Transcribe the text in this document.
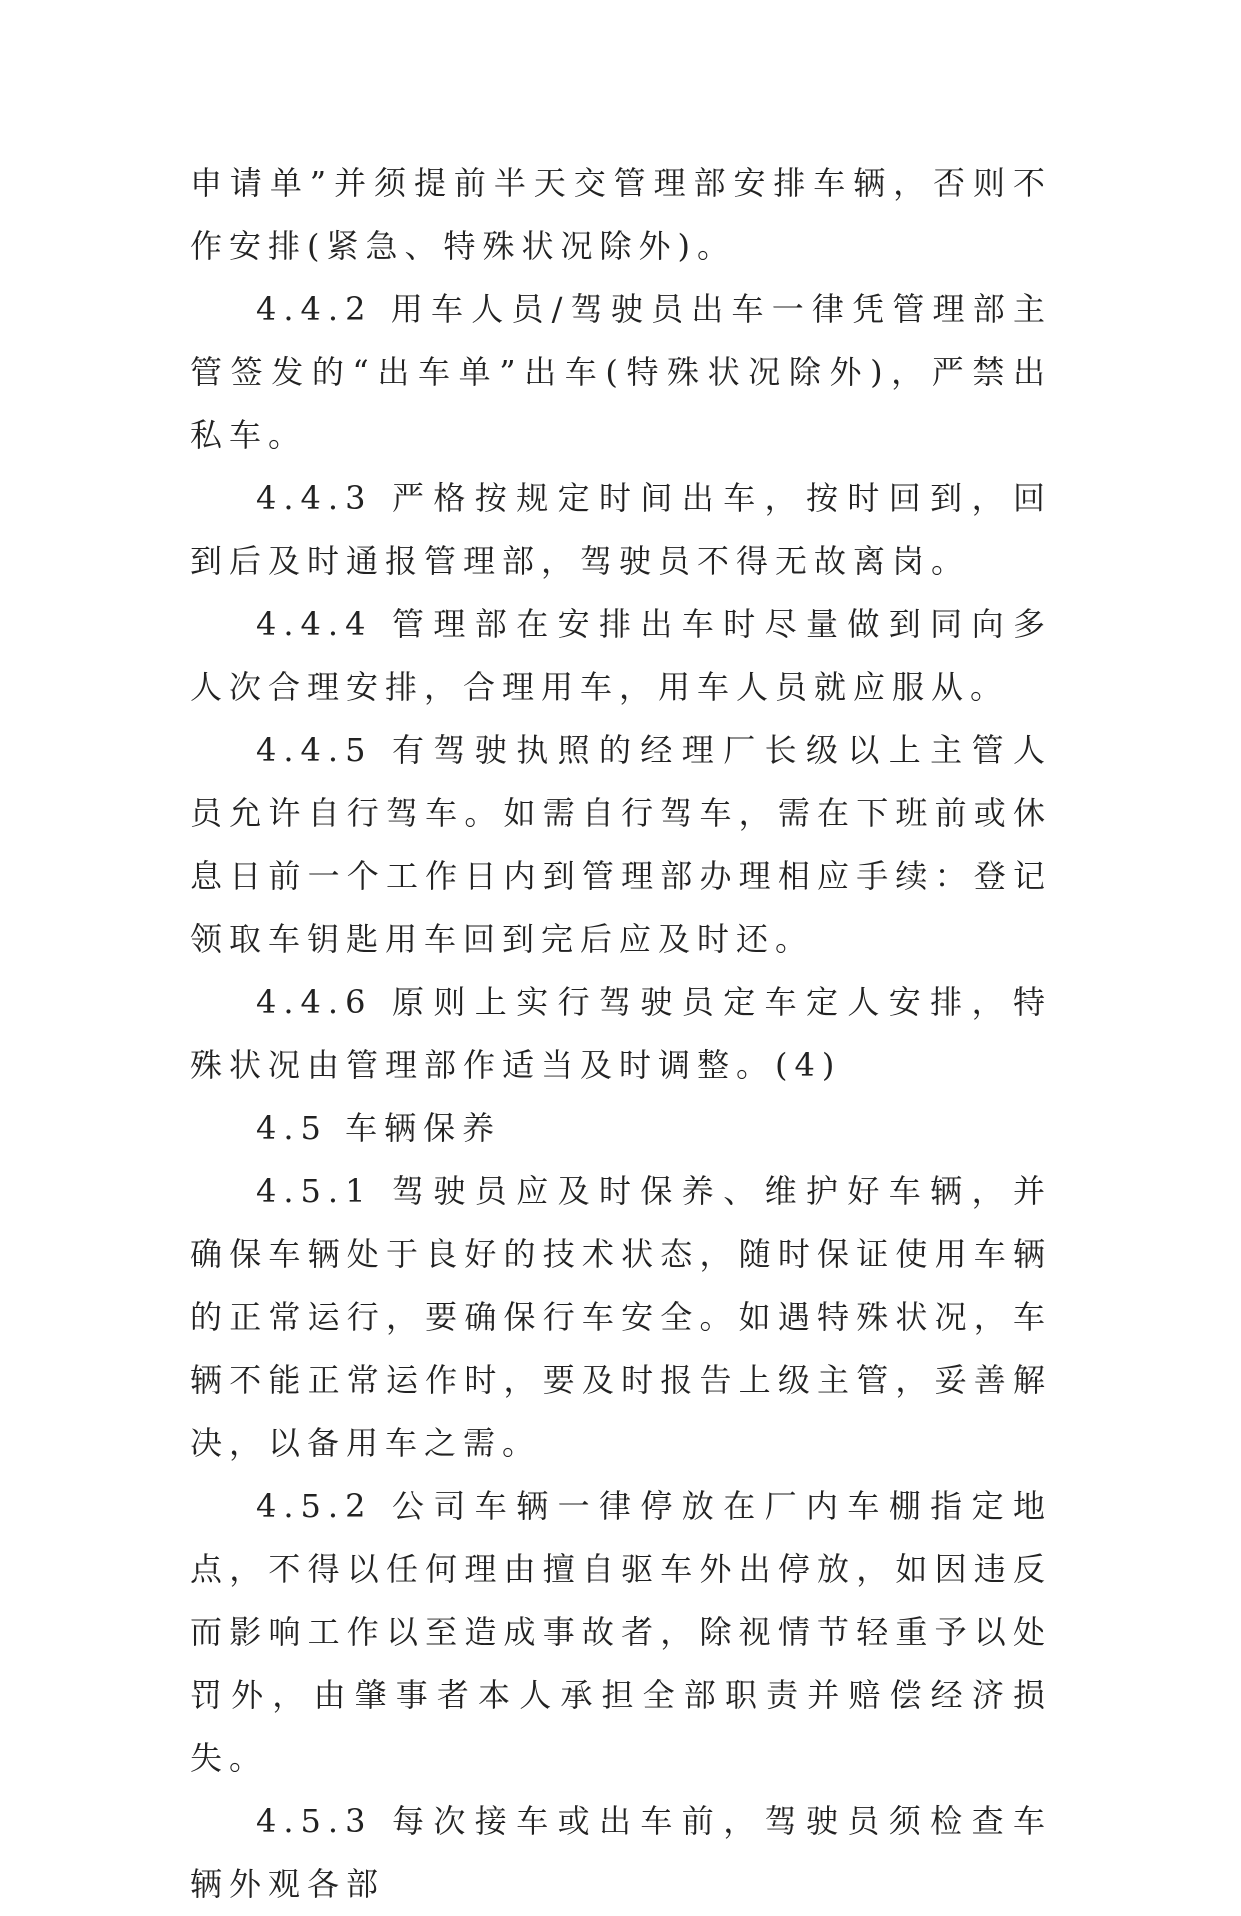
申请单”并须提前半天交管理部安排车辆，否则不作安排(紧急、特殊状况除外)。

4.4.2 用车人员/驾驶员出车一律凭管理部主管签发的“出车单”出车(特殊状况除外)，严禁出私车。

4.4.3 严格按规定时间出车，按时回到，回到后及时通报管理部，驾驶员不得无故离岗。

4.4.4 管理部在安排出车时尽量做到同向多人次合理安排，合理用车，用车人员就应服从。

4.4.5 有驾驶执照的经理厂长级以上主管人员允许自行驾车。如需自行驾车，需在下班前或休息日前一个工作日内到管理部办理相应手续：登记领取车钥匙用车回到完后应及时还。

4.4.6 原则上实行驾驶员定车定人安排，特殊状况由管理部作适当及时调整。(4)

4.5 车辆保养

4.5.1 驾驶员应及时保养、维护好车辆，并确保车辆处于良好的技术状态，随时保证使用车辆的正常运行，要确保行车安全。如遇特殊状况，车辆不能正常运作时，要及时报告上级主管，妥善解决，以备用车之需。

4.5.2 公司车辆一律停放在厂内车棚指定地点，不得以任何理由擅自驱车外出停放，如因违反而影响工作以至造成事故者，除视情节轻重予以处罚外，由肇事者本人承担全部职责并赔偿经济损失。

4.5.3 每次接车或出车前，驾驶员须检查车辆外观各部
